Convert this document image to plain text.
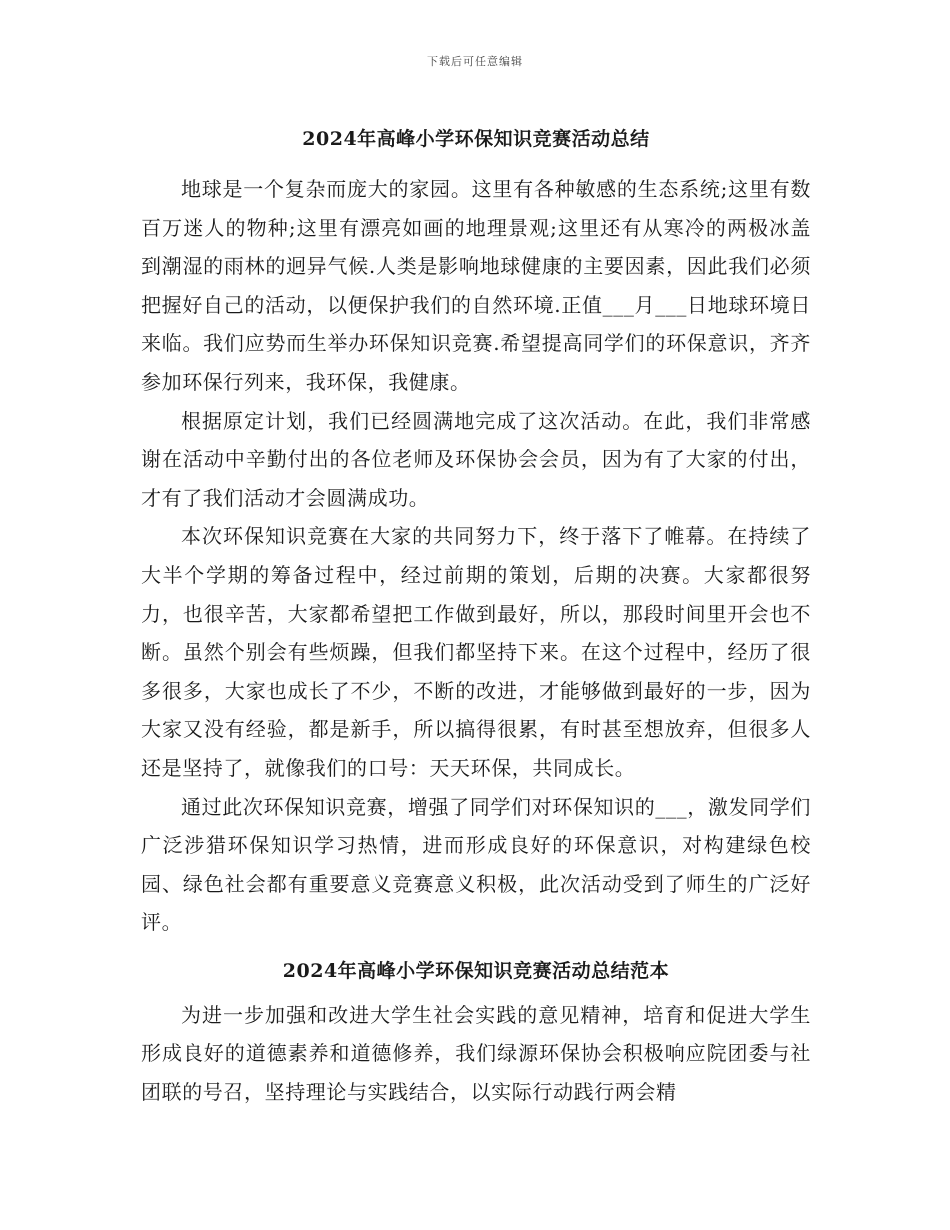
下载后可任意编辑
2024年高峰小学环保知识竞赛活动总结

地球是一个复杂而庞大的家园。这里有各种敏感的生态系统;这里有数百万迷人的物种;这里有漂亮如画的地理景观;这里还有从寒冷的两极冰盖到潮湿的雨林的迥异气候.人类是影响地球健康的主要因素，因此我们必须把握好自己的活动，以便保护我们的自然环境.正值___月___日地球环境日来临。我们应势而生举办环保知识竞赛.希望提高同学们的环保意识，齐齐参加环保行列来，我环保，我健康。

根据原定计划，我们已经圆满地完成了这次活动。在此，我们非常感谢在活动中辛勤付出的各位老师及环保协会会员，因为有了大家的付出，才有了我们活动才会圆满成功。

本次环保知识竞赛在大家的共同努力下，终于落下了帷幕。在持续了大半个学期的筹备过程中，经过前期的策划，后期的决赛。大家都很努力，也很辛苦，大家都希望把工作做到最好，所以，那段时间里开会也不断。虽然个别会有些烦躁，但我们都坚持下来。在这个过程中，经历了很多很多，大家也成长了不少，不断的改进，才能够做到最好的一步，因为大家又没有经验，都是新手，所以搞得很累，有时甚至想放弃，但很多人还是坚持了，就像我们的口号：天天环保，共同成长。

通过此次环保知识竞赛，增强了同学们对环保知识的___，激发同学们广泛涉猎环保知识学习热情，进而形成良好的环保意识，对构建绿色校园、绿色社会都有重要意义竞赛意义积极，此次活动受到了师生的广泛好评。

2024年高峰小学环保知识竞赛活动总结范本

为进一步加强和改进大学生社会实践的意见精神，培育和促进大学生形成良好的道德素养和道德修养，我们绿源环保协会积极响应院团委与社团联的号召，坚持理论与实践结合，以实际行动践行两会精
